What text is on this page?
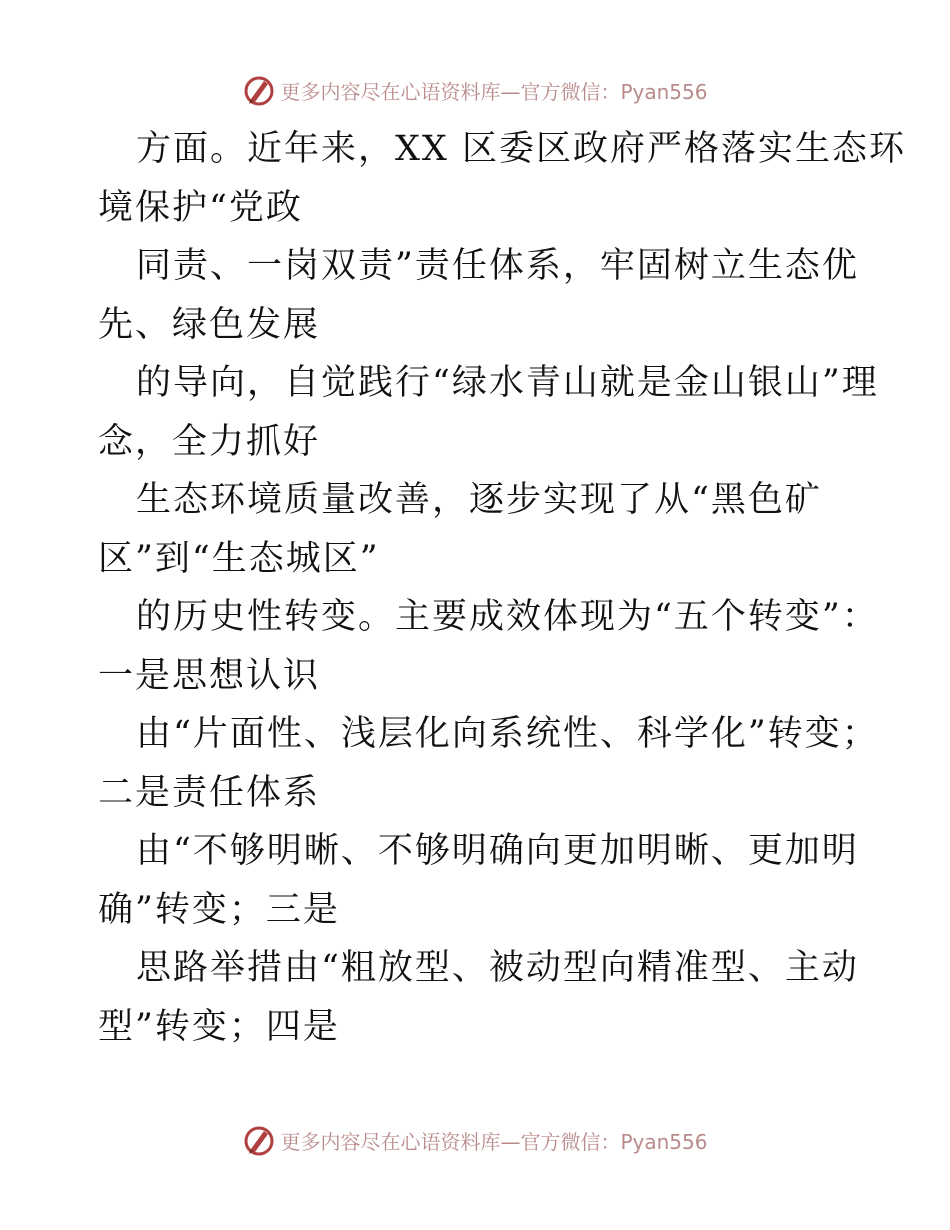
更多内容尽在心语资料库—官方微信：Pyan556
方面。近年来，XX 区委区政府严格落实生态环
境保护“党政
同责、一岗双责”责任体系，牢固树立生态优
先、绿色发展
的导向，自觉践行“绿水青山就是金山银山”理
念，全力抓好
生态环境质量改善，逐步实现了从“黑色矿
区”到“生态城区”
的历史性转变。主要成效体现为“五个转变”：
一是思想认识
由“片面性、浅层化向系统性、科学化”转变；
二是责任体系
由“不够明晰、不够明确向更加明晰、更加明
确”转变；三是
思路举措由“粗放型、被动型向精准型、主动
型”转变；四是
更多内容尽在心语资料库—官方微信：Pyan556
